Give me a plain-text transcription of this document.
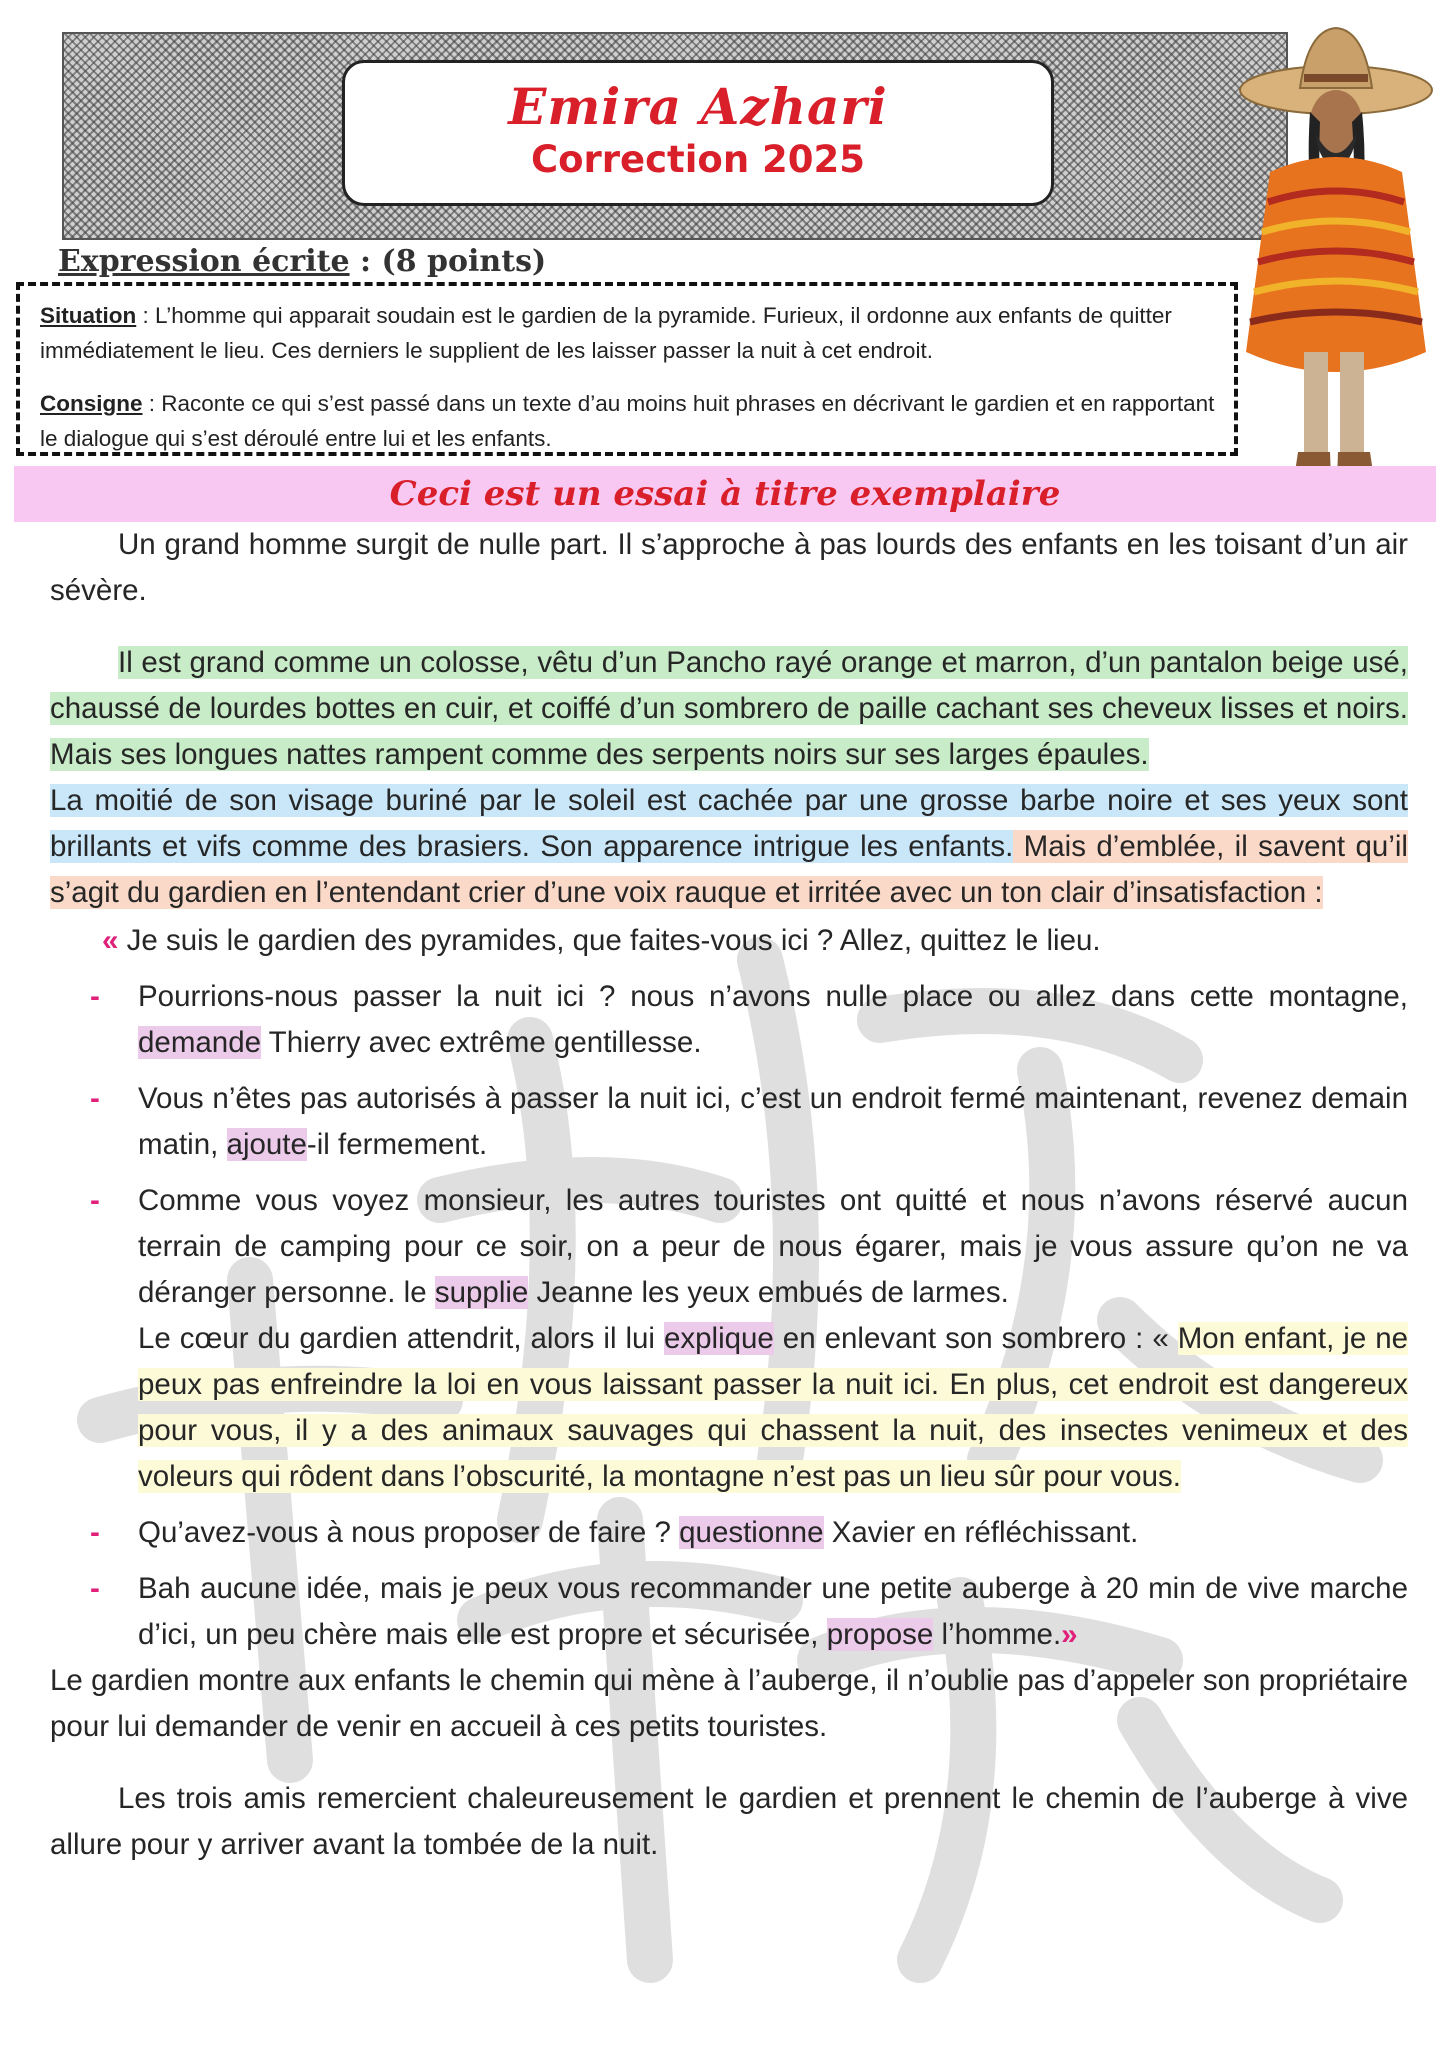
Emira Azhari
Correction 2025
Expression écrite : (8 points)

Situation : L’homme qui apparait soudain est le gardien de la pyramide. Furieux, il ordonne aux enfants de quitter immédiatement le lieu. Ces derniers le supplient de les laisser passer la nuit à cet endroit.

Consigne : Raconte ce qui s’est passé dans un texte d’au moins huit phrases en décrivant le gardien et en rapportant le dialogue qui s’est déroulé entre lui et les enfants.

Ceci est un essai à titre exemplaire

Un grand homme surgit de nulle part. Il s’approche à pas lourds des enfants en les toisant d’un air sévère.

Il est grand comme un colosse, vêtu d’un Pancho rayé orange et marron, d’un pantalon beige usé, chaussé de lourdes bottes en cuir, et coiffé d’un sombrero de paille cachant ses cheveux lisses et noirs. Mais ses longues nattes rampent comme des serpents noirs sur ses larges épaules.

La moitié de son visage buriné par le soleil est cachée par une grosse barbe noire et ses yeux sont brillants et vifs comme des brasiers. Son apparence intrigue les enfants. Mais d’emblée, il savent qu’il s’agit du gardien en l’entendant crier d’une voix rauque et irritée avec un ton clair d’insatisfaction :

« Je suis le gardien des pyramides, que faites-vous ici ? Allez, quittez le lieu.

- Pourrions-nous passer la nuit ici ? nous n’avons nulle place ou allez dans cette montagne, demande Thierry avec extrême gentillesse.

- Vous n’êtes pas autorisés à passer la nuit ici, c’est un endroit fermé maintenant, revenez demain matin, ajoute-il fermement.

- Comme vous voyez monsieur, les autres touristes ont quitté et nous n’avons réservé aucun terrain de camping pour ce soir, on a peur de nous égarer, mais je vous assure qu’on ne va déranger personne. le supplie Jeanne les yeux embués de larmes.

Le cœur du gardien attendrit, alors il lui explique en enlevant son sombrero : « Mon enfant, je ne peux pas enfreindre la loi en vous laissant passer la nuit ici. En plus, cet endroit est dangereux pour vous, il y a des animaux sauvages qui chassent la nuit, des insectes venimeux et des voleurs qui rôdent dans l’obscurité, la montagne n’est pas un lieu sûr pour vous.

- Qu’avez-vous à nous proposer de faire ? questionne Xavier en réfléchissant.

- Bah aucune idée, mais je peux vous recommander une petite auberge à 20 min de vive marche d’ici, un peu chère mais elle est propre et sécurisée, propose l’homme.»

Le gardien montre aux enfants le chemin qui mène à l’auberge, il n’oublie pas d’appeler son propriétaire pour lui demander de venir en accueil à ces petits touristes.

Les trois amis remercient chaleureusement le gardien et prennent le chemin de l’auberge à vive allure pour y arriver avant la tombée de la nuit.
